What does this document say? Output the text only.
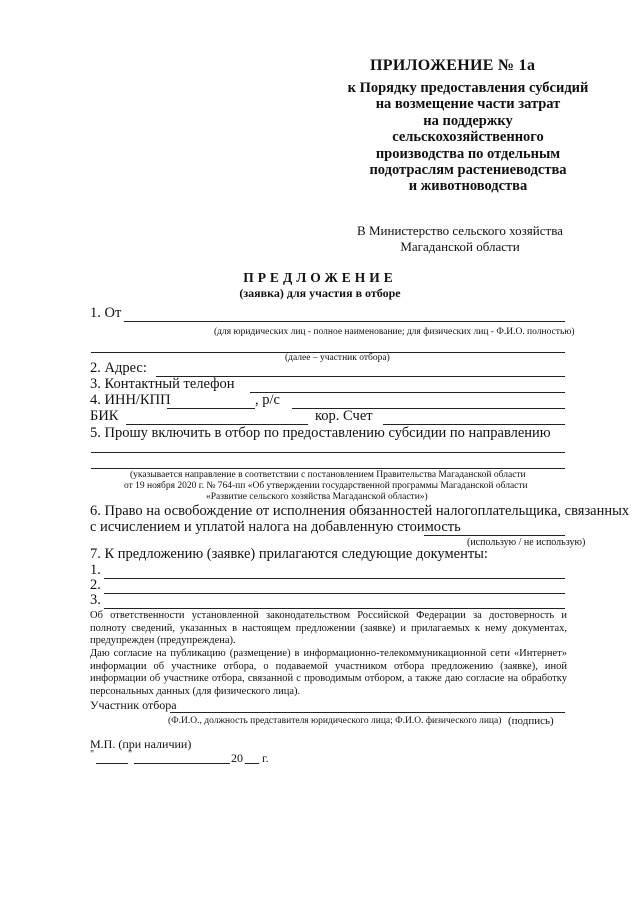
ПРИЛОЖЕНИЕ № 1а
к Порядку предоставления субсидий
на возмещение части затрат
на поддержку
сельскохозяйственного
производства по отдельным
подотраслям растениеводства
и животноводства
В Министерство сельского хозяйства
Магаданской области
ПРЕДЛОЖЕНИЕ
(заявка) для участия в отборе
1. От
(для юридических лиц - полное наименование; для физических лиц - Ф.И.О. полностью)
(далее – участник отбора)
2. Адрес:
3. Контактный телефон
4. ИНН/КПП	, р/с
БИК	кор. Счет
5. Прошу включить в отбор по предоставлению субсидии по направлению
(указывается направление в соответствии с постановлением Правительства Магаданской области
от 19 ноября 2020 г. № 764-пп «Об утверждении государственной программы Магаданской области
«Развитие сельского хозяйства Магаданской области»)
6. Право на освобождение от исполнения обязанностей налогоплательщика, связанных
с исчислением и уплатой налога на добавленную стоимость
(использую / не использую)
7. К предложению (заявке) прилагаются следующие документы:
1.
2.
3.
Об ответственности установленной законодательством Российской Федерации за достоверность и полноту сведений, указанных в настоящем предложении (заявке) и прилагаемых к нему документах, предупрежден (предупреждена).
Даю согласие на публикацию (размещение) в информационно-телекоммуникационной сети «Интернет» информации об участнике отбора, о подаваемой участником отбора предложению (заявке), иной информации об участнике отбора, связанной с проводимым отбором, а также даю согласие на обработку персональных данных (для физического лица).
Участник отбора
(Ф.И.О., должность представителя юридического лица; Ф.И.О. физического лица) (подпись)
М.П. (при наличии)
"	"	20 г.
